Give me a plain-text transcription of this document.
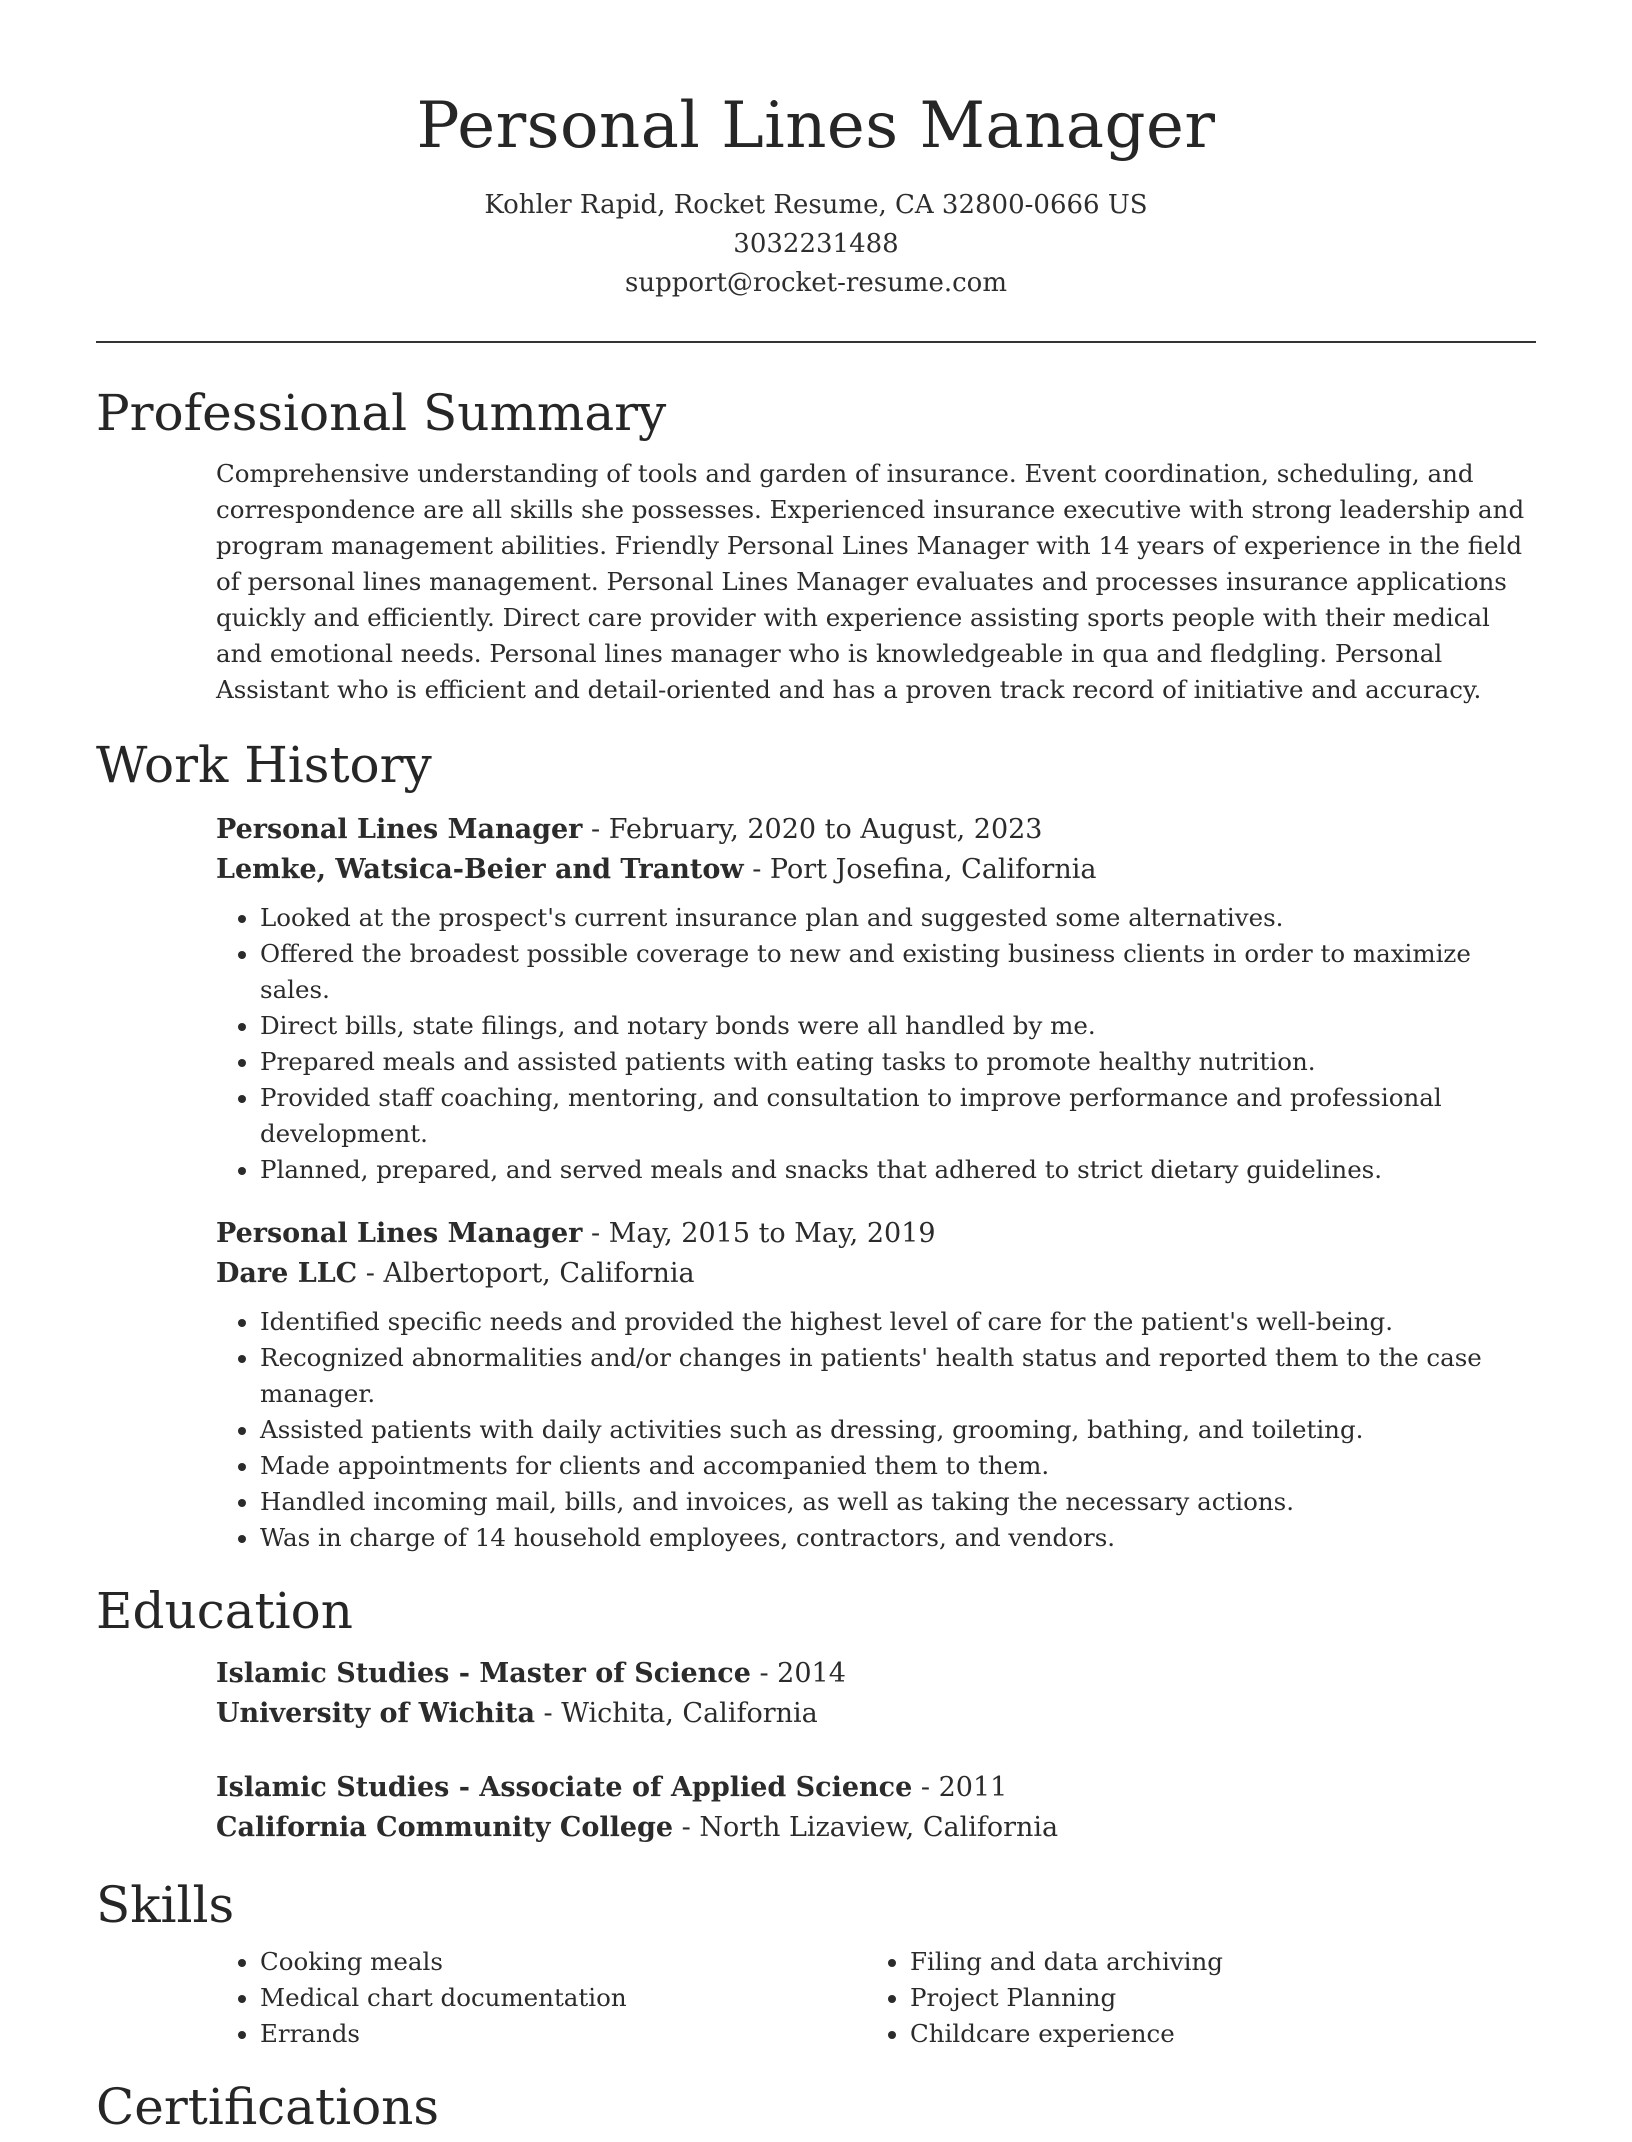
Personal Lines Manager
Kohler Rapid, Rocket Resume, CA 32800-0666 US
3032231488
support@rocket-resume.com
Professional Summary

Comprehensive understanding of tools and garden of insurance. Event coordination, scheduling, and correspondence are all skills she possesses. Experienced insurance executive with strong leadership and program management abilities. Friendly Personal Lines Manager with 14 years of experience in the field of personal lines management. Personal Lines Manager evaluates and processes insurance applications quickly and efficiently. Direct care provider with experience assisting sports people with their medical and emotional needs. Personal lines manager who is knowledgeable in qua and fledgling. Personal Assistant who is efficient and detail-oriented and has a proven track record of initiative and accuracy.

Work History
Personal Lines Manager - February, 2020 to August, 2023
Lemke, Watsica-Beier and Trantow - Port Josefina, California
• Looked at the prospect's current insurance plan and suggested some alternatives.
• Offered the broadest possible coverage to new and existing business clients in order to maximize sales.
• Direct bills, state filings, and notary bonds were all handled by me.
• Prepared meals and assisted patients with eating tasks to promote healthy nutrition.
• Provided staff coaching, mentoring, and consultation to improve performance and professional development.
• Planned, prepared, and served meals and snacks that adhered to strict dietary guidelines.
Personal Lines Manager - May, 2015 to May, 2019
Dare LLC - Albertoport, California
• Identified specific needs and provided the highest level of care for the patient's well-being.
• Recognized abnormalities and/or changes in patients' health status and reported them to the case manager.
• Assisted patients with daily activities such as dressing, grooming, bathing, and toileting.
• Made appointments for clients and accompanied them to them.
• Handled incoming mail, bills, and invoices, as well as taking the necessary actions.
• Was in charge of 14 household employees, contractors, and vendors.
Education
Islamic Studies - Master of Science - 2014
University of Wichita - Wichita, California
Islamic Studies - Associate of Applied Science - 2011
California Community College - North Lizaview, California
Skills
• Cooking meals
• Medical chart documentation
• Errands
• Filing and data archiving
• Project Planning
• Childcare experience
Certifications
